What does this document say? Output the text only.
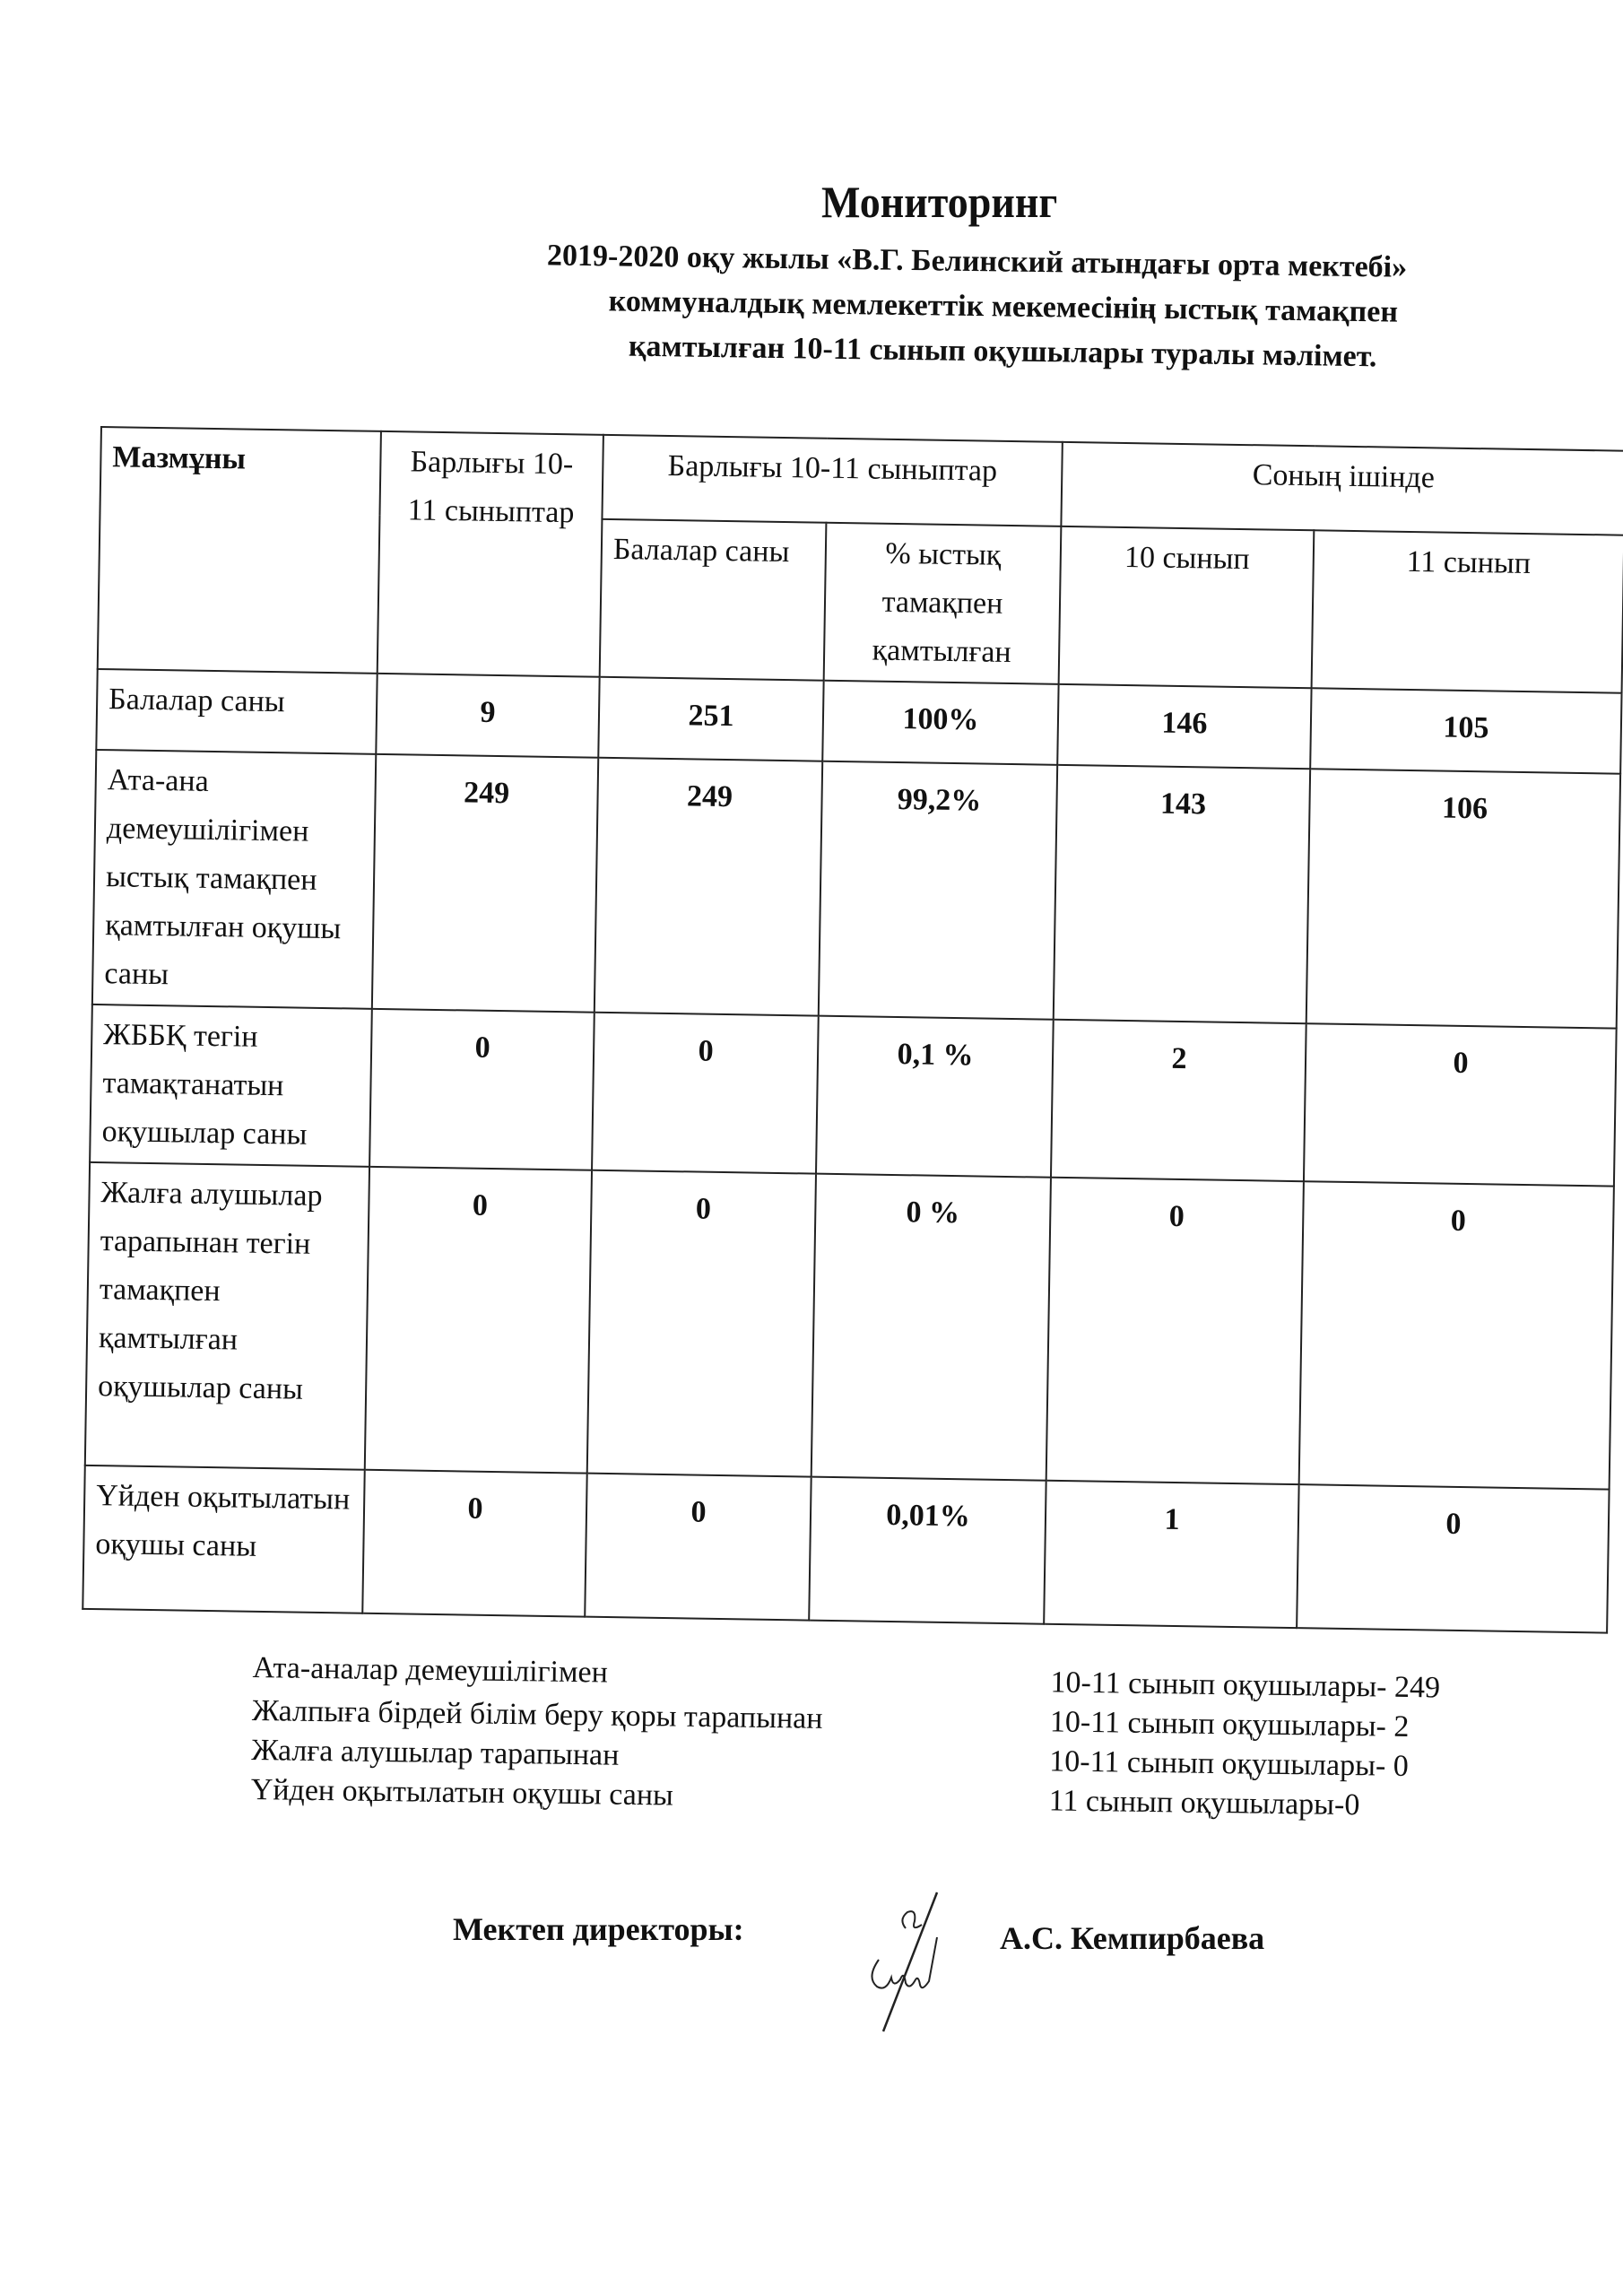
Мониторинг
2019-2020 оқу жылы «В.Г. Белинский атындағы орта мектебі»
коммуналдық мемлекеттік мекемесінің ыстық тамақпен
қамтылған 10-11 сынып оқушылары туралы мәлімет.
Мазмұны	Барлығы 10-11 сыныптар	Барлығы 10-11 сыныптар		Соның ішінде	
		Балалар саны	% ыстық тамақпен қамтылған	10 сынып	11 сынып
Балалар саны	9	251	100%	146	105
Ата-ана демеушілігімен ыстық тамақпен қамтылған оқушы саны	249	249	99,2%	143	106
ЖББҚ тегін тамақтанатын оқушылар саны	0	0	0,1 %	2	0
Жалға алушылар тарапынан тегін тамақпен қамтылған оқушылар саны	0	0	0 %	0	0
Үйден оқытылатын оқушы саны	0	0	0,01%	1	0
Ата-аналар демеушілігімен	10-11 сынып оқушылары- 249
Жалпыға бірдей білім беру қоры тарапынан	10-11 сынып оқушылары- 2
Жалға алушылар тарапынан	10-11 сынып оқушылары- 0
Үйден оқытылатын оқушы саны	11 сынып оқушылары-0
Мектеп директоры:	А.С. Кемпирбаева
